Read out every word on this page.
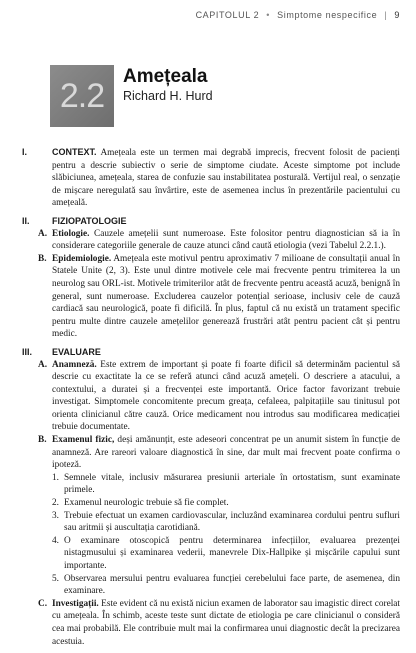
CAPITOLUL 2 • Simptome nespecifice | 9
2.2 Amețeala
Richard H. Hurd
I.	CONTEXT. Amețeala este un termen mai degrabă imprecis, frecvent folosit de pacienți pentru a descrie subiectiv o serie de simptome ciudate. Aceste simptome pot include slăbiciunea, amețeala, starea de confuzie sau instabilitatea posturală. Vertijul real, o senzație de mișcare neregulată sau învârtire, este de asemenea inclus în prezentările pacientului cu amețeală.
II.	FIZIOPATOLOGIE
A. Etiologie. Cauzele amețelii sunt numeroase. Este folositor pentru diagnostician să ia în considerare categoriile generale de cauze atunci când caută etiologia (vezi Tabelul 2.2.1.).
B. Epidemiologie. Amețeala este motivul pentru aproximativ 7 milioane de consultații anual în Statele Unite (2, 3). Este unul dintre motivele cele mai frecvente pentru trimiterea la un neurolog sau ORL-ist. Motivele trimiterilor atât de frecvente pentru această acuză, benignă în general, sunt numeroase. Excluderea cauzelor potențial serioase, inclusiv cele de cauză cardiacă sau neurologică, poate fi dificilă. În plus, faptul că nu există un tratament specific pentru multe dintre cauzele amețelilor generează frustrări atât pentru pacient cât și pentru medic.
III.	EVALUARE
A. Anamneză. Este extrem de important și poate fi foarte dificil să determinăm pacientul să descrie cu exactitate la ce se referă atunci când acuză amețeli. O descriere a atacului, a contextului, a duratei și a frecvenței este importantă. Orice factor favorizant trebuie investigat. Simptomele concomitente precum greața, cefaleea, palpitațiile sau tinitusul pot orienta clinicianul către cauză. Orice medicament nou introdus sau modificarea medicației trebuie documentate.
B. Examenul fizic, deși amănunțit, este adeseori concentrat pe un anumit sistem în funcție de anamneză. Are rareori valoare diagnostică în sine, dar mult mai frecvent poate confirma o ipoteză.
1. Semnele vitale, inclusiv măsurarea presiunii arteriale în ortostatism, sunt examinate primele.
2. Examenul neurologic trebuie să fie complet.
3. Trebuie efectuat un examen cardiovascular, incluzând examinarea cordului pentru sufluri sau aritmii și auscultația carotidiană.
4. O examinare otoscopică pentru determinarea infecțiilor, evaluarea prezenței nistagmusului și examinarea vederii, manevrele Dix-Hallpike și mișcările capului sunt importante.
5. Observarea mersului pentru evaluarea funcției cerebelului face parte, de asemenea, din examinare.
C. Investigații. Este evident că nu există niciun examen de laborator sau imagistic direct corelat cu amețeala. În schimb, aceste teste sunt dictate de etiologia pe care clinicianul o consideră cea mai probabilă. Ele contribuie mult mai la confirmarea unui diagnostic decât la precizarea acestuia.
